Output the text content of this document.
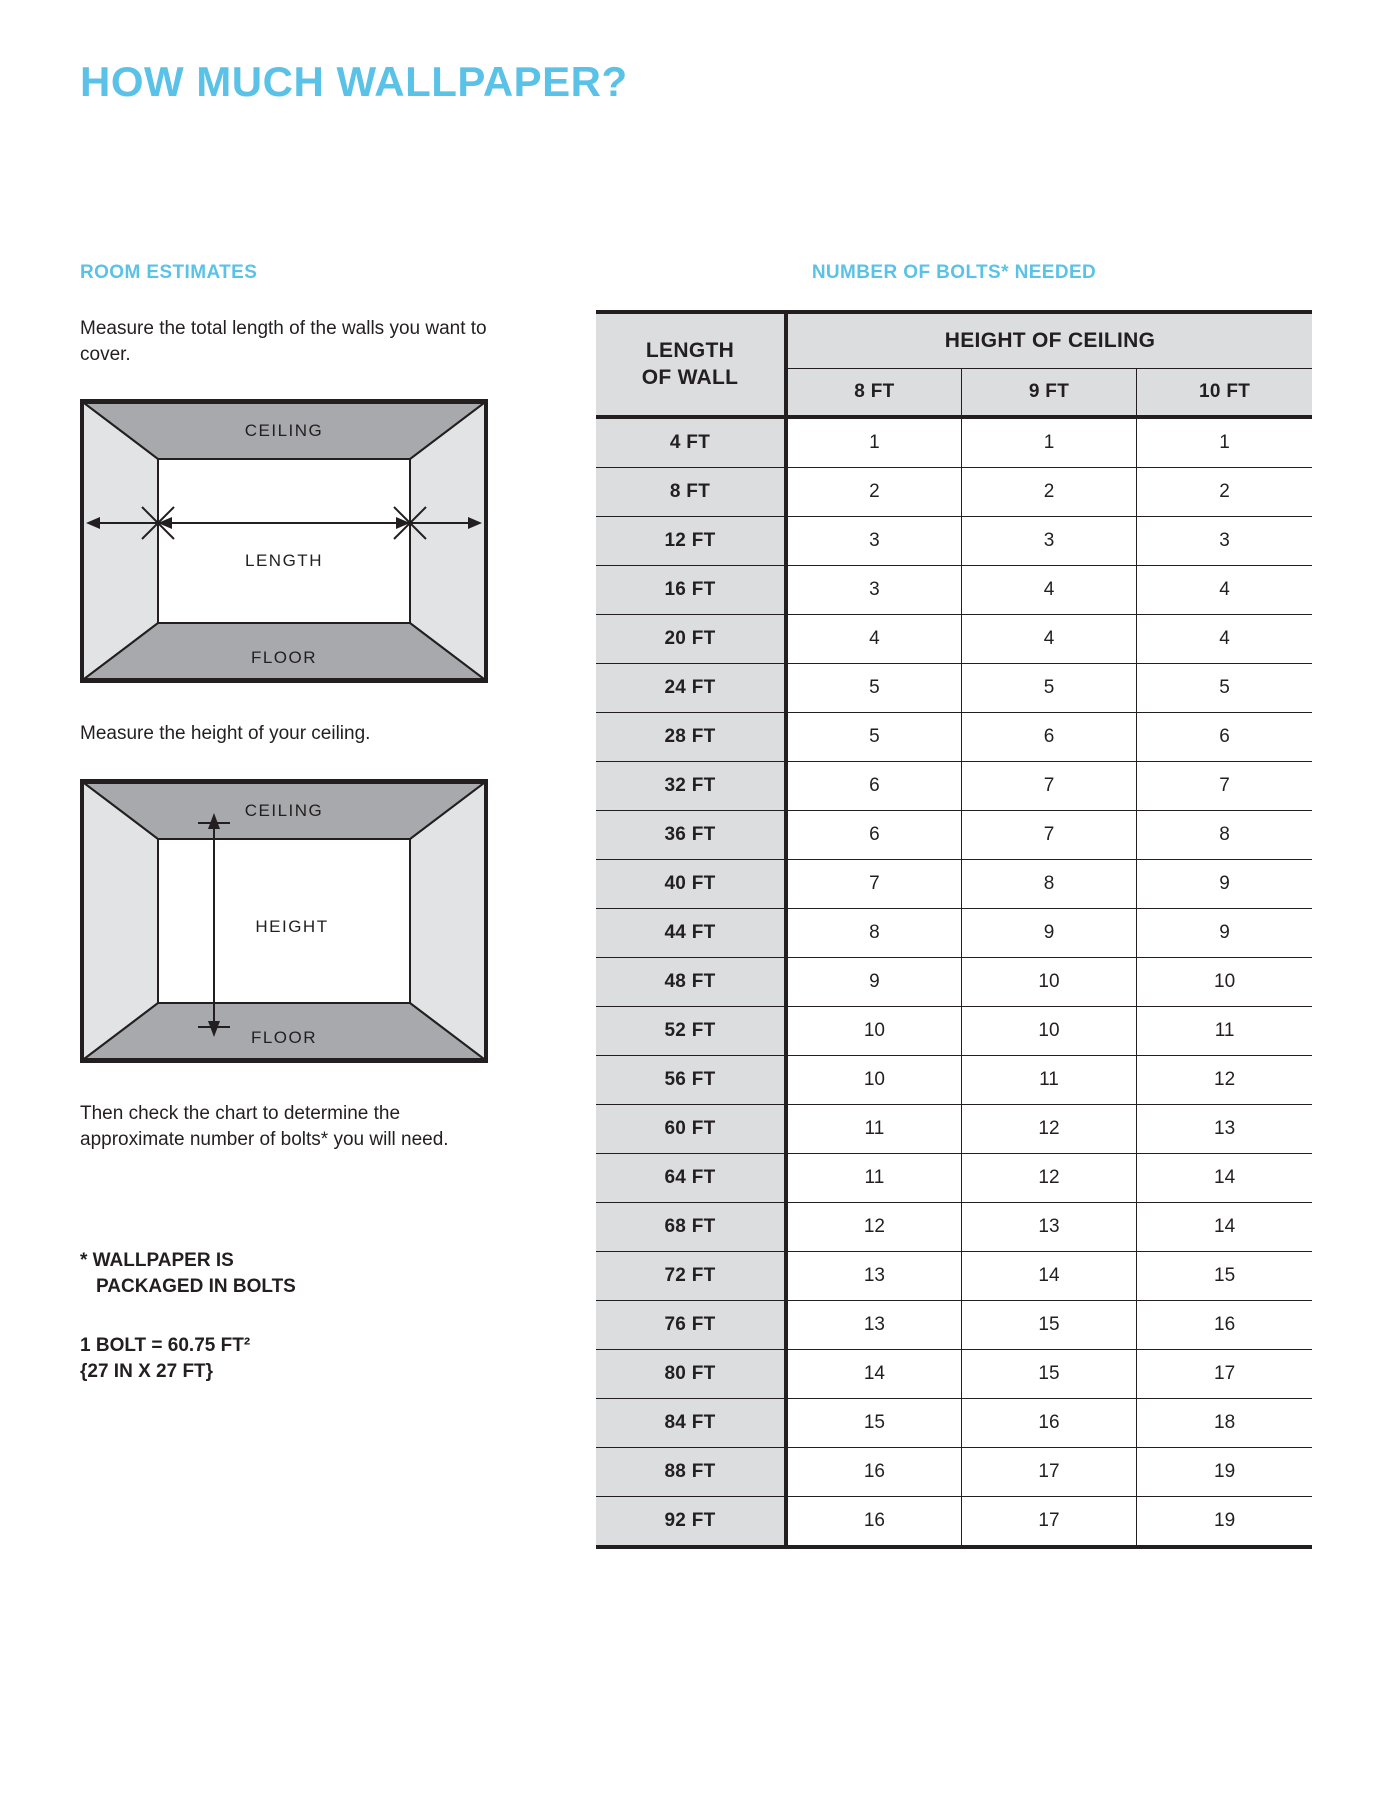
HOW MUCH WALLPAPER?
ROOM ESTIMATES

Measure the total length of the walls you want to cover.

CEILING
FLOOR
LENGTH

Measure the height of your ceiling.

CEILING
FLOOR
HEIGHT

Then check the chart to determine the approximate number of bolts* you will need.

* WALLPAPER IS
PACKAGED IN BOLTS

1 BOLT = 60.75 FT²
{27 IN X 27 FT}

NUMBER OF BOLTS* NEEDED
LENGTH
OF WALL	HEIGHT OF CEILING		
	8 FT	9 FT	10 FT
4 FT	1	1	1
8 FT	2	2	2
12 FT	3	3	3
16 FT	3	4	4
20 FT	4	4	4
24 FT	5	5	5
28 FT	5	6	6
32 FT	6	7	7
36 FT	6	7	8
40 FT	7	8	9
44 FT	8	9	9
48 FT	9	10	10
52 FT	10	10	11
56 FT	10	11	12
60 FT	11	12	13
64 FT	11	12	14
68 FT	12	13	14
72 FT	13	14	15
76 FT	13	15	16
80 FT	14	15	17
84 FT	15	16	18
88 FT	16	17	19
92 FT	16	17	19
